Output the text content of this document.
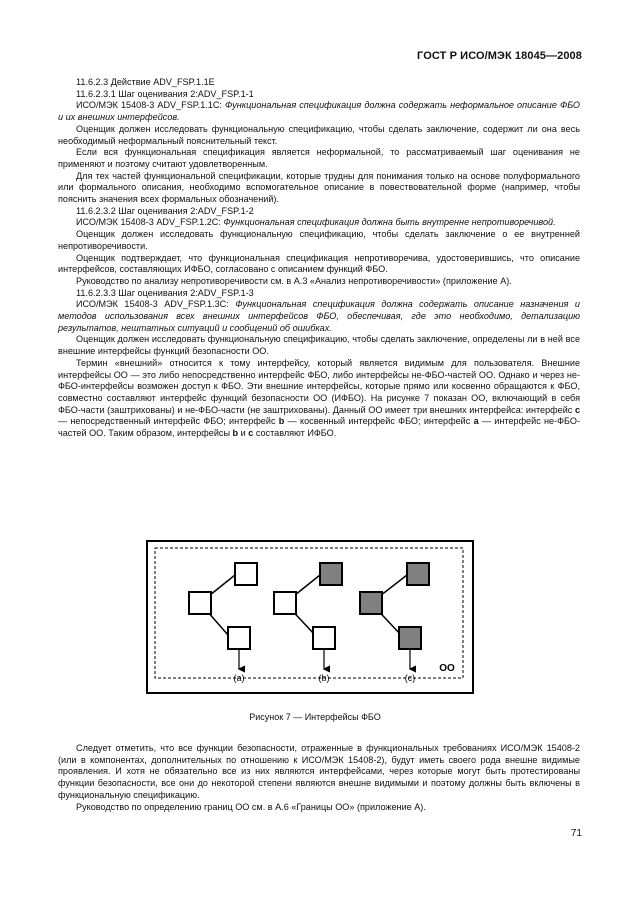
ГОСТ Р ИСО/МЭК 18045—2008

11.6.2.3 Действие ADV_FSP.1.1E

11.6.2.3.1 Шаг оценивания 2:ADV_FSP.1-1

ИСО/МЭК 15408-3 ADV_FSP.1.1C: Функциональная спецификация должна содержать неформальное описание ФБО и их внешних интерфейсов.

Оценщик должен исследовать функциональную спецификацию, чтобы сделать заключение, содержит ли она весь необходимый неформальный пояснительный текст.

Если вся функциональная спецификация является неформальной, то рассматриваемый шаг оценивания не применяют и поэтому считают удовлетворенным.

Для тех частей функциональной спецификации, которые трудны для понимания только на основе полуформального или формального описания, необходимо вспомогательное описание в повествовательной форме (например, чтобы пояснить значения всех формальных обозначений).

11.6.2.3.2 Шаг оценивания 2:ADV_FSP.1-2

ИСО/МЭК 15408-3 ADV_FSP.1.2C: Функциональная спецификация должна быть внутренне непротиворечивой.

Оценщик должен исследовать функциональную спецификацию, чтобы сделать заключение о ее внутренней непротиворечивости.

Оценщик подтверждает, что функциональная спецификация непротиворечива, удостоверившись, что описание интерфейсов, составляющих ИФБО, согласовано с описанием функций ФБО.

Руководство по анализу непротиворечивости см. в А.3 «Анализ непротиворечивости» (приложение А).

11.6.2.3.3 Шаг оценивания 2:ADV_FSP.1-3

ИСО/МЭК 15408-3 ADV_FSP.1.3C: Функциональная спецификация должна содержать описание назначения и методов использования всех внешних интерфейсов ФБО, обеспечивая, где это необходимо, детализацию результатов, нештатных ситуаций и сообщений об ошибках.

Оценщик должен исследовать функциональную спецификацию, чтобы сделать заключение, определены ли в ней все внешние интерфейсы функций безопасности ОО.

Термин «внешний» относится к тому интерфейсу, который является видимым для пользователя. Внешние интерфейсы ОО — это либо непосредственно интерфейс ФБО, либо интерфейсы не-ФБО-частей ОО. Однако и через не-ФБО-интерфейсы возможен доступ к ФБО. Эти внешние интерфейсы, которые прямо или косвенно обращаются к ФБО, совместно составляют интерфейс функций безопасности ОО (ИФБО). На рисунке 7 показан ОО, включающий в себя ФБО-части (заштрихованы) и не-ФБО-части (не заштрихованы). Данный ОО имеет три внешних интерфейса: интерфейс c — непосредственный интерфейс ФБО; интерфейс b — косвенный интерфейс ФБО; интерфейс a — интерфейс не-ФБО-частей ОО. Таким образом, интерфейсы b и c составляют ИФБО.

(a)	(b)	(c)
ОО
Рисунок 7 — Интерфейсы ФБО

Следует отметить, что все функции безопасности, отраженные в функциональных требованиях ИСО/МЭК 15408-2 (или в компонентах, дополнительных по отношению к ИСО/МЭК 15408-2), будут иметь своего рода внешне видимые проявления. И хотя не обязательно все из них являются интерфейсами, через которые могут быть протестированы функции безопасности, все они до некоторой степени являются внешне видимыми и поэтому должны быть включены в функциональную спецификацию.

Руководство по определению границ ОО см. в А.6 «Границы ОО» (приложение А).

71
